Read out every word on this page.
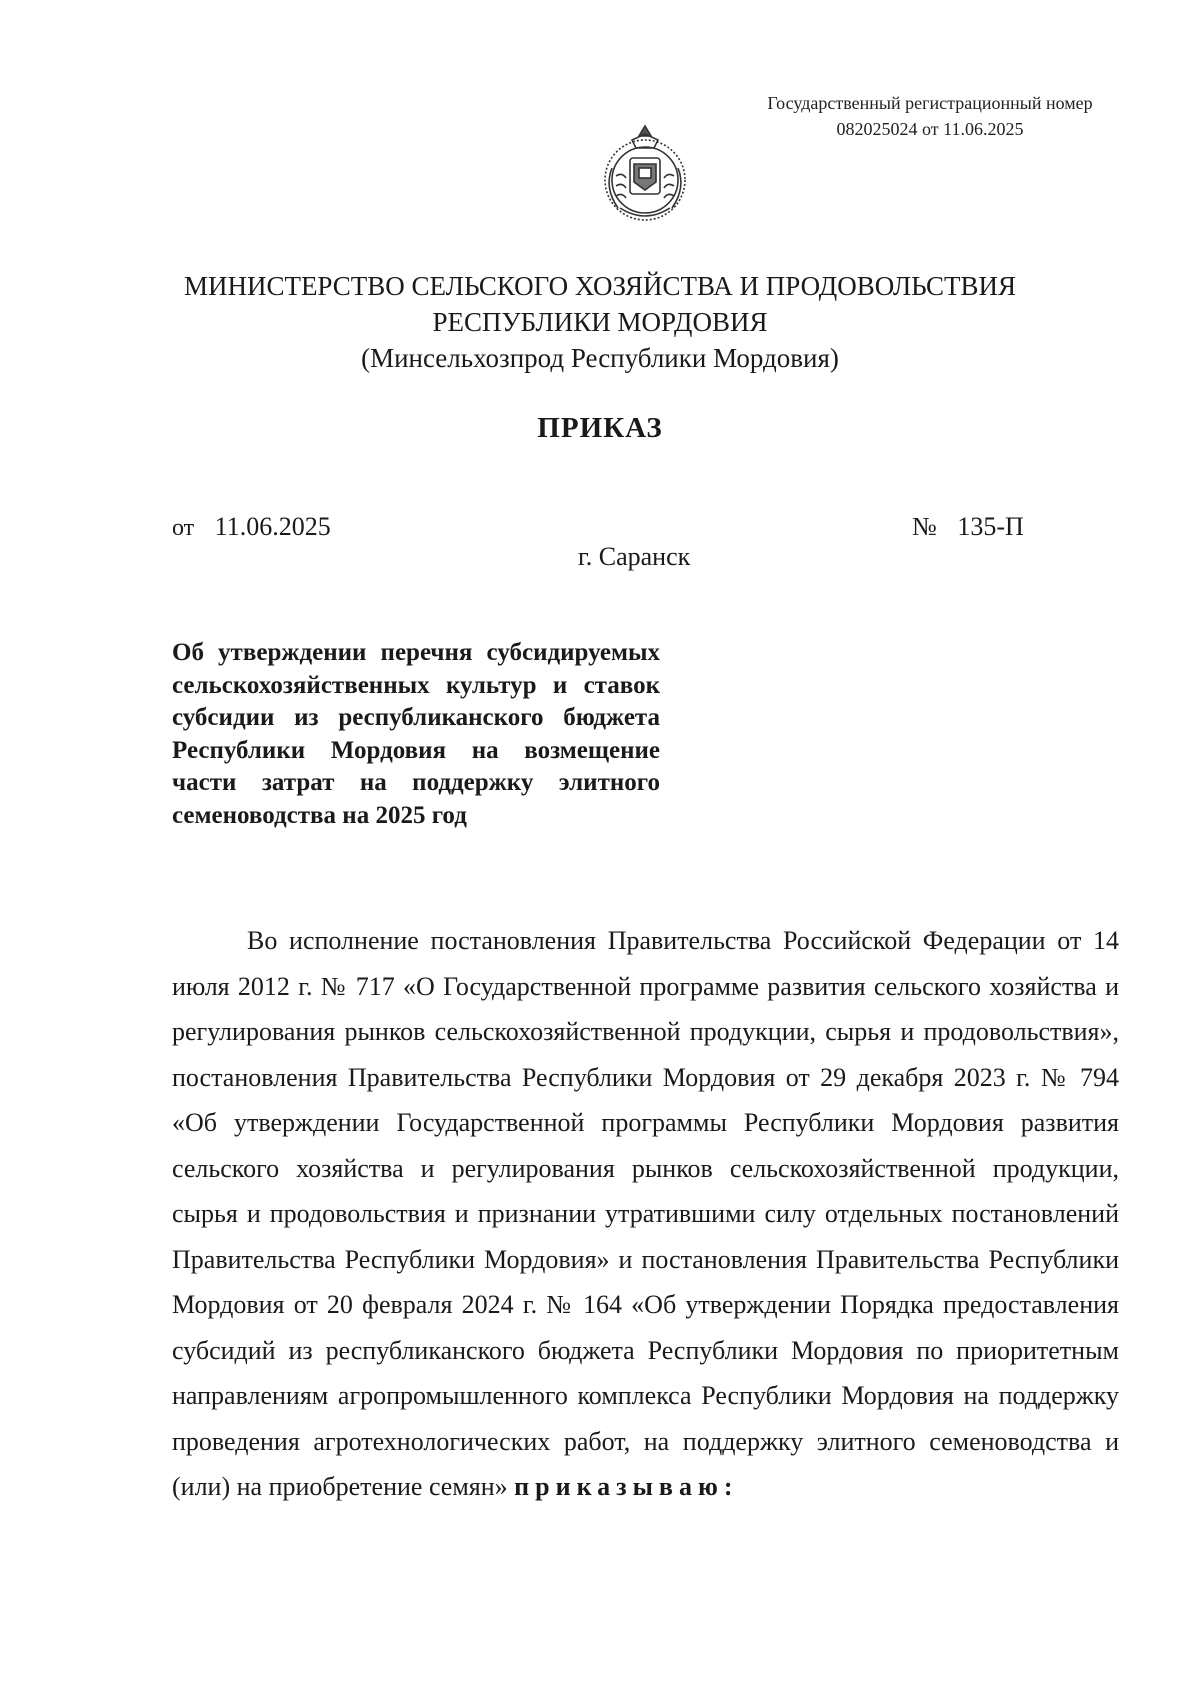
Государственный регистрационный номер
082025024 от 11.06.2025
МИНИСТЕРСТВО СЕЛЬСКОГО ХОЗЯЙСТВА И ПРОДОВОЛЬСТВИЯ
РЕСПУБЛИКИ МОРДОВИЯ
(Минсельхозпрод Республики Мордовия)
ПРИКАЗ
от 11.06.2025	№ 135-П
г. Саранск
Об утверждении перечня субсидируемых сельскохозяйственных культур и ставок субсидии из республиканского бюджета Республики Мордовия на возмещение части затрат на поддержку элитного семеноводства на 2025 год

Во исполнение постановления Правительства Российской Федерации от 14 июля 2012 г. № 717 «О Государственной программе развития сельского хозяйства и регулирования рынков сельскохозяйственной продукции, сырья и продовольствия», постановления Правительства Республики Мордовия от 29 декабря 2023 г. № 794 «Об утверждении Государственной программы Республики Мордовия развития сельского хозяйства и регулирования рынков сельскохозяйственной продукции, сырья и продовольствия и признании утратившими силу отдельных постановлений Правительства Республики Мордовия» и постановления Правительства Республики Мордовия от 20 февраля 2024 г. № 164 «Об утверждении Порядка предоставления субсидий из республиканского бюджета Республики Мордовия по приоритетным направлениям агропромышленного комплекса Республики Мордовия на поддержку проведения агротехнологических работ, на поддержку элитного семеноводства и (или) на приобретение семян» приказываю:
